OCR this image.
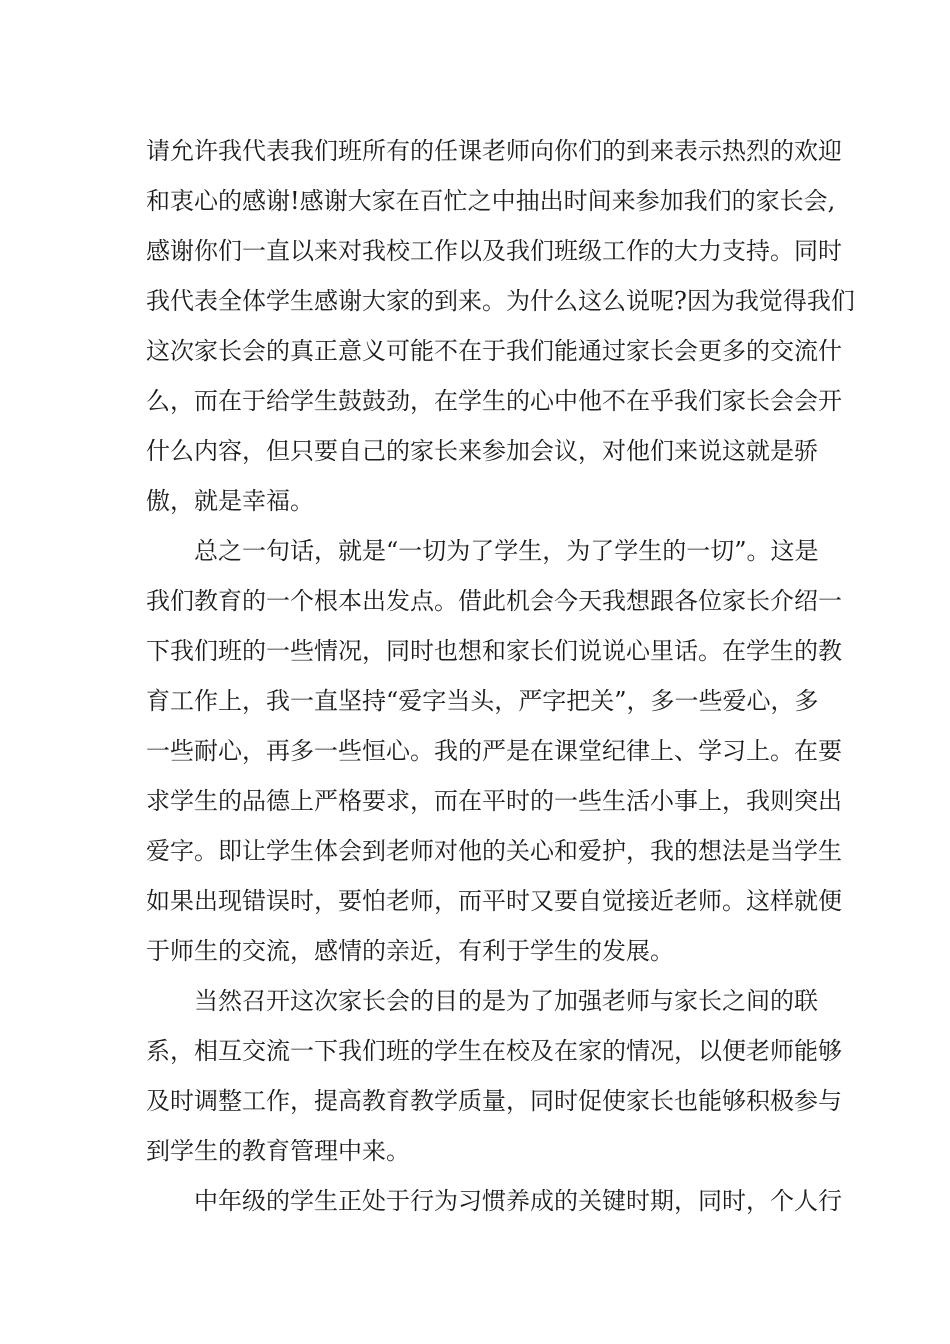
请允许我代表我们班所有的任课老师向你们的到来表示热烈的欢迎
和衷心的感谢!感谢大家在百忙之中抽出时间来参加我们的家长会,
感谢你们一直以来对我校工作以及我们班级工作的大力支持。同时
我代表全体学生感谢大家的到来。为什么这么说呢?因为我觉得我们
这次家长会的真正意义可能不在于我们能通过家长会更多的交流什
么，而在于给学生鼓鼓劲，在学生的心中他不在乎我们家长会会开
什么内容，但只要自己的家长来参加会议，对他们来说这就是骄
傲，就是幸福。
总之一句话，就是“一切为了学生，为了学生的一切”。这是
我们教育的一个根本出发点。借此机会今天我想跟各位家长介绍一
下我们班的一些情况，同时也想和家长们说说心里话。在学生的教
育工作上，我一直坚持“爱字当头，严字把关”，多一些爱心，多
一些耐心，再多一些恒心。我的严是在课堂纪律上、学习上。在要
求学生的品德上严格要求，而在平时的一些生活小事上，我则突出
爱字。即让学生体会到老师对他的关心和爱护，我的想法是当学生
如果出现错误时，要怕老师，而平时又要自觉接近老师。这样就便
于师生的交流，感情的亲近，有利于学生的发展。
当然召开这次家长会的目的是为了加强老师与家长之间的联
系，相互交流一下我们班的学生在校及在家的情况，以便老师能够
及时调整工作，提高教育教学质量，同时促使家长也能够积极参与
到学生的教育管理中来。
中年级的学生正处于行为习惯养成的关键时期，同时，个人行
